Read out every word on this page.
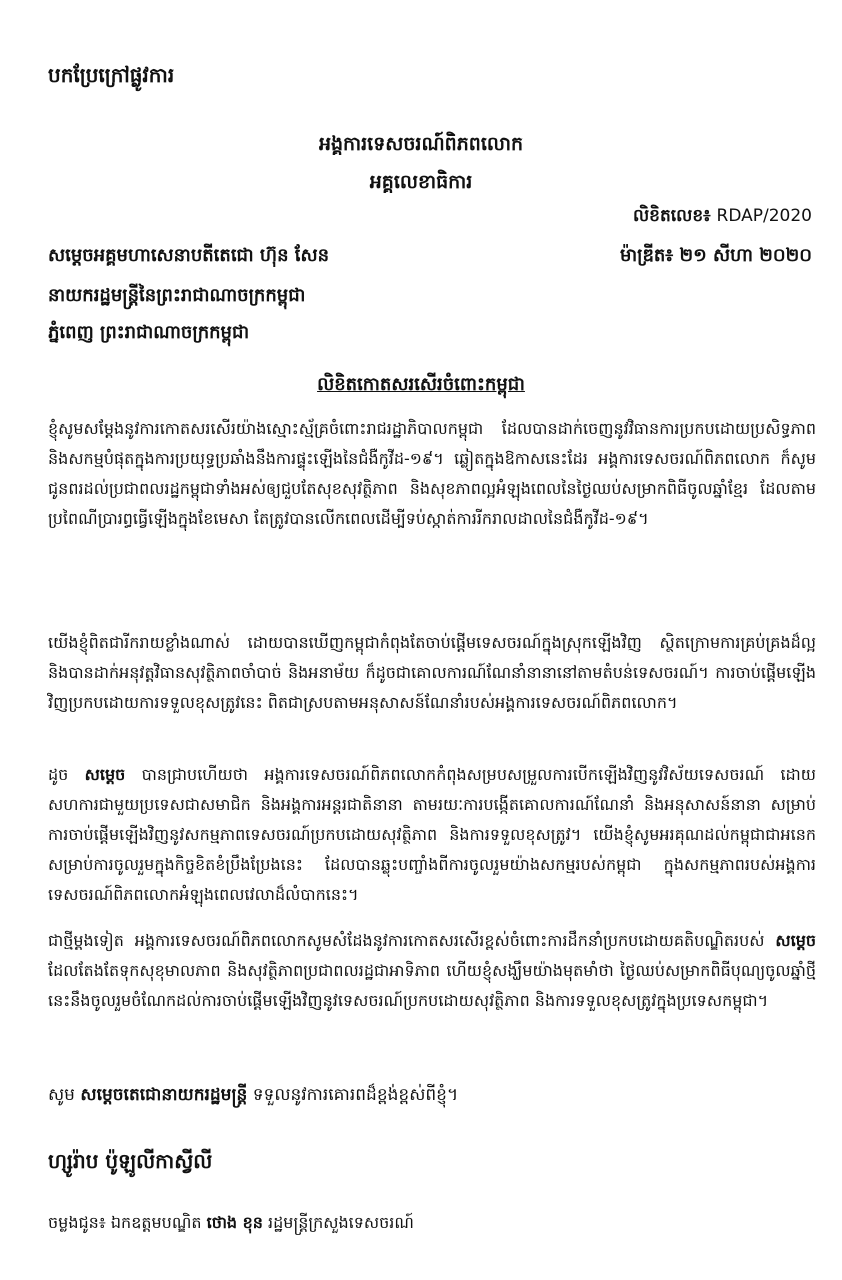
បកប្រែក្រៅផ្លូវការ
អង្គការទេសចរណ៍ពិភពលោក
អគ្គលេខាធិការ
លិខិតលេខ៖ RDAP/2020
ម៉ាឌ្រីត៖ ២១ សីហា ២០២០
សម្ដេចអគ្គមហាសេនាបតីតេជោ ហ៊ុន សែន
នាយករដ្ឋមន្ត្រីនៃព្រះរាជាណាចក្រកម្ពុជា
ភ្នំពេញ ព្រះរាជាណាចក្រកម្ពុជា
លិខិតកោតសរសើរចំពោះកម្ពុជា
ខ្ញុំសូមសម្ដែងនូវការកោតសរសើរយ៉ាងស្មោះស្ម័គ្រចំពោះរាជរដ្ឋាភិបាលកម្ពុជា ដែលបានដាក់ចេញនូវវិធានការប្រកបដោយប្រសិទ្ធភាព និងសកម្មបំផុតក្នុងការប្រយុទ្ធប្រឆាំងនឹងការផ្ទុះឡើងនៃជំងឺកូវីដ-១៩។ ឆ្លៀតក្នុងឱកាសនេះដែរ អង្គការទេសចរណ៍ពិភពលោក ក៏សូមជូនពរដល់ប្រជាពលរដ្ឋកម្ពុជាទាំងអស់ឲ្យជួបតែសុខសុវត្ថិភាព និងសុខភាពល្អអំឡុងពេលនៃថ្ងៃឈប់សម្រាកពិធីចូលឆ្នាំខ្មែរ ដែលតាមប្រពៃណីប្រារព្ធធ្វើឡើងក្នុងខែមេសា តែត្រូវបានលើកពេលដើម្បីទប់ស្កាត់ការរីករាលដាលនៃជំងឺកូវីដ-១៩។
យើងខ្ញុំពិតជារីករាយខ្លាំងណាស់ ដោយបានឃើញកម្ពុជាកំពុងតែចាប់ផ្ដើមទេសចរណ៍ក្នុងស្រុកឡើងវិញ ស្ថិតក្រោមការគ្រប់គ្រងដ៏ល្អ និងបានដាក់អនុវត្តវិធានសុវត្ថិភាពចាំបាច់ និងអនាម័យ ក៏ដូចជាគោលការណ៍ណែនាំនានានៅតាមតំបន់ទេសចរណ៍។ ការចាប់ផ្ដើមឡើងវិញប្រកបដោយការទទួលខុសត្រូវនេះ ពិតជាស្របតាមអនុសាសន៍ណែនាំរបស់អង្គការទេសចរណ៍ពិភពលោក។
ដូច សម្ដេច បានជ្រាបហើយថា អង្គការទេសចរណ៍ពិភពលោកកំពុងសម្របសម្រួលការបើកឡើងវិញនូវវិស័យទេសចរណ៍ ដោយសហការជាមួយប្រទេសជាសមាជិក និងអង្គការអន្តរជាតិនានា តាមរយៈការបង្កើតគោលការណ៍ណែនាំ និងអនុសាសន៍នានា សម្រាប់ការចាប់ផ្ដើមឡើងវិញនូវសកម្មភាពទេសចរណ៍ប្រកបដោយសុវត្ថិភាព និងការទទួលខុសត្រូវ។ យើងខ្ញុំសូមអរគុណដល់កម្ពុជាជាអនេក សម្រាប់ការចូលរួមក្នុងកិច្ចខិតខំប្រឹងប្រែងនេះ ដែលបានឆ្លុះបញ្ចាំងពីការចូលរួមយ៉ាងសកម្មរបស់កម្ពុជា ក្នុងសកម្មភាពរបស់អង្គការទេសចរណ៍ពិភពលោកអំឡុងពេលវេលាដ៏លំបាកនេះ។
ជាថ្មីម្ដងទៀត អង្គការទេសចរណ៍ពិភពលោកសូមសំដែងនូវការកោតសរសើរខ្ពស់ចំពោះការដឹកនាំប្រកបដោយគតិបណ្ឌិតរបស់ សម្ដេច ដែលតែងតែទុកសុខុមាលភាព និងសុវត្ថិភាពប្រជាពលរដ្ឋជាអាទិភាព ហើយខ្ញុំសង្ឃឹមយ៉ាងមុតមាំថា ថ្ងៃឈប់សម្រាកពិធីបុណ្យចូលឆ្នាំថ្មីនេះនឹងចូលរួមចំណែកដល់ការចាប់ផ្ដើមឡើងវិញនូវទេសចរណ៍ប្រកបដោយសុវត្ថិភាព និងការទទួលខុសត្រូវក្នុងប្រទេសកម្ពុជា។
សូម សម្ដេចតេជោនាយករដ្ឋមន្ត្រី ទទួលនូវការគោរពដ៏ខ្ពង់ខ្ពស់ពីខ្ញុំ។
ហ្សូរ៉ាប ប៉ូឡូលីកាស្វីលី
ចម្លងជូន៖ ឯកឧត្តមបណ្ឌិត ថោង ខុន រដ្ឋមន្ត្រីក្រសួងទេសចរណ៍
